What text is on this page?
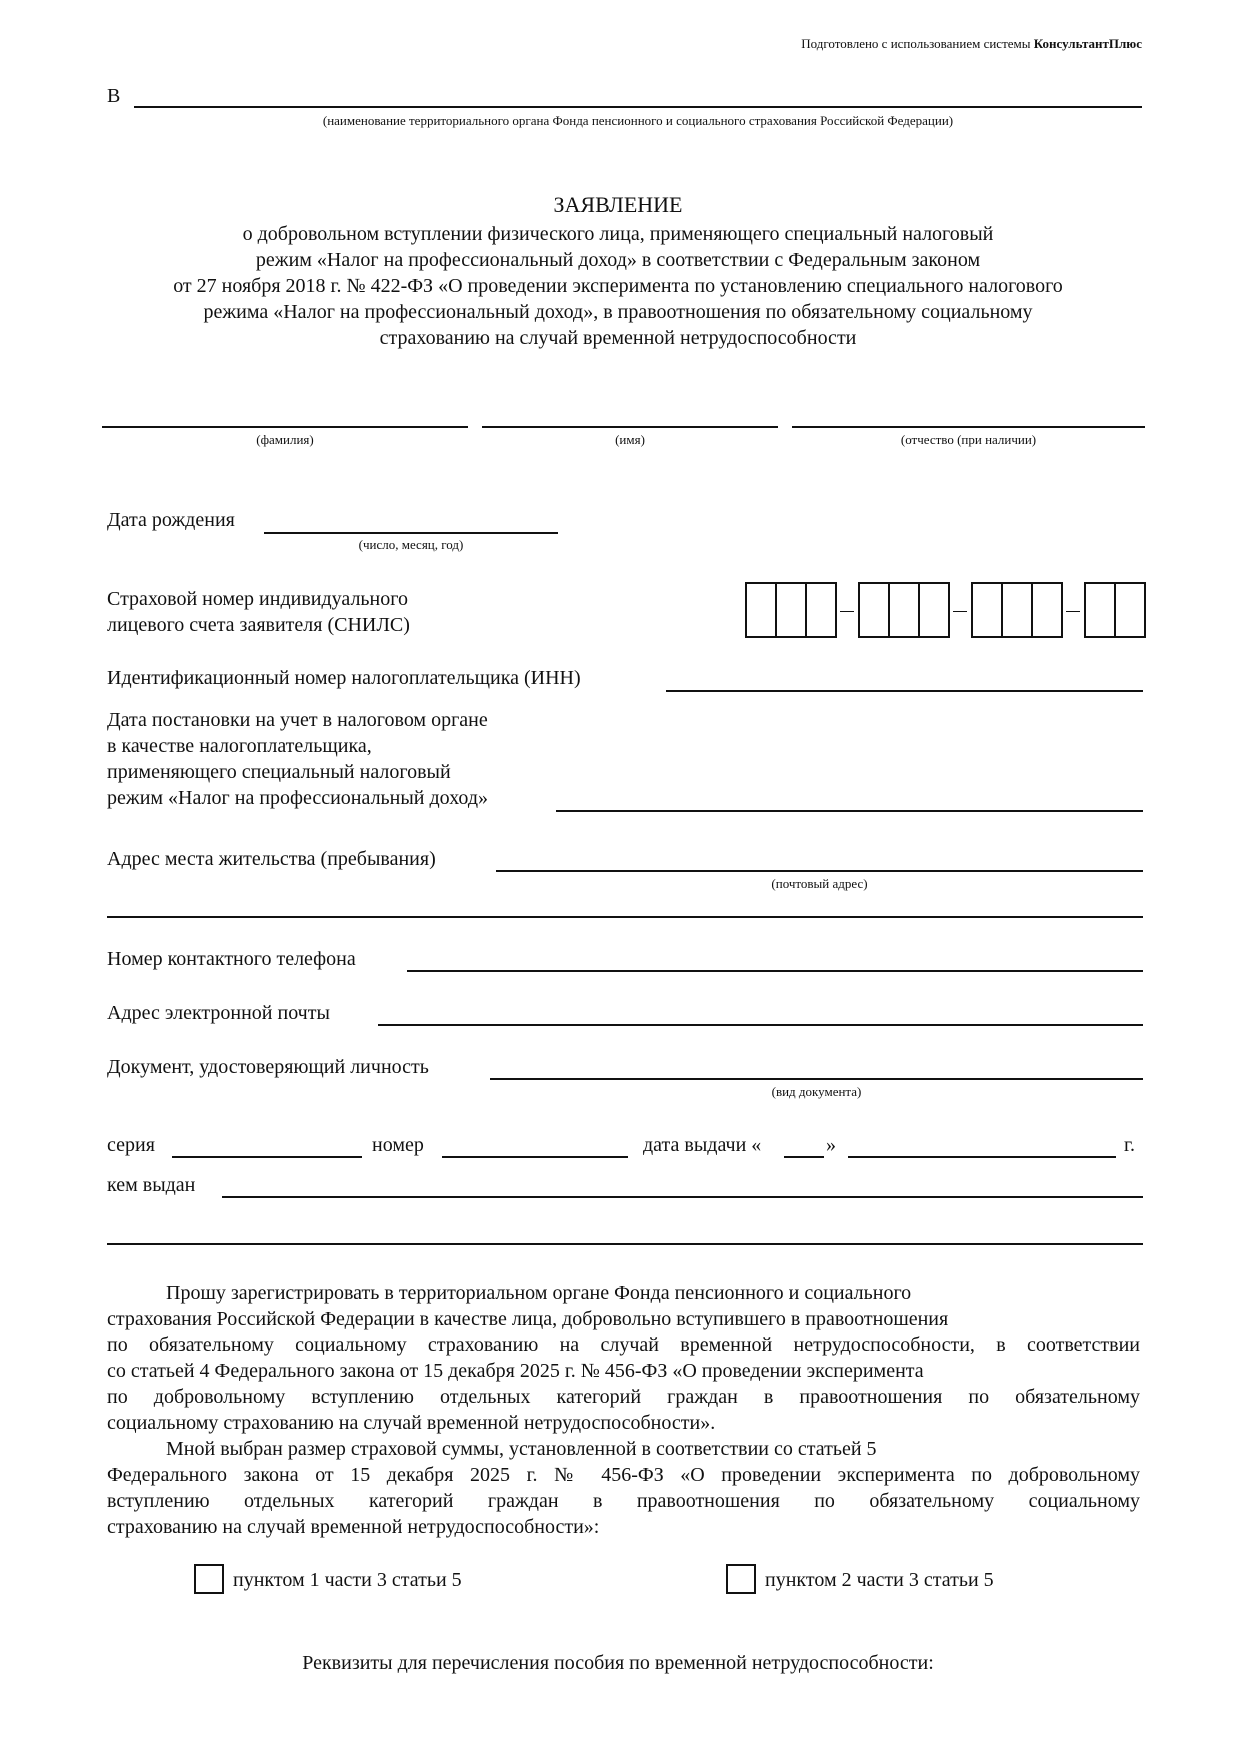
Подготовлено с использованием системы КонсультантПлюс
В
(наименование территориального органа Фонда пенсионного и социального страхования Российской Федерации)
ЗАЯВЛЕНИЕ
о добровольном вступлении физического лица, применяющего специальный налоговый
режим «Налог на профессиональный доход» в соответствии с Федеральным законом
от 27 ноября 2018 г. № 422-ФЗ «О проведении эксперимента по установлению специального налогового
режима «Налог на профессиональный доход», в правоотношения по обязательному социальному
страхованию на случай временной нетрудоспособности
(фамилия)	(имя)	(отчество (при наличии)
Дата рождения
(число, месяц, год)
Страховой номер индивидуального
лицевого счета заявителя (СНИЛС)
Идентификационный номер налогоплательщика (ИНН)
Дата постановки на учет в налоговом органе
в качестве налогоплательщика,
применяющего специальный налоговый
режим «Налог на профессиональный доход»
Адрес места жительства (пребывания)
(почтовый адрес)
Номер контактного телефона
Адрес электронной почты
Документ, удостоверяющий личность
(вид документа)
серия	номер	дата выдачи «	»	г.
кем выдан

Прошу зарегистрировать в территориальном органе Фонда пенсионного и социального

страхования Российской Федерации в качестве лица, добровольно вступившего в правоотношения

по обязательному социальному страхованию на случай временной нетрудоспособности, в соответствии

со статьей 4 Федерального закона от 15 декабря 2025 г. № 456-ФЗ «О проведении эксперимента

по добровольному вступлению отдельных категорий граждан в правоотношения по обязательному

социальному страхованию на случай временной нетрудоспособности».

Мной выбран размер страховой суммы, установленной в соответствии со статьей 5

Федерального закона от 15 декабря 2025 г. № 456-ФЗ «О проведении эксперимента по добровольному

вступлению отдельных категорий граждан в правоотношения по обязательному социальному

страхованию на случай временной нетрудоспособности»:

пунктом 1 части 3 статьи 5	пунктом 2 части 3 статьи 5
Реквизиты для перечисления пособия по временной нетрудоспособности:
